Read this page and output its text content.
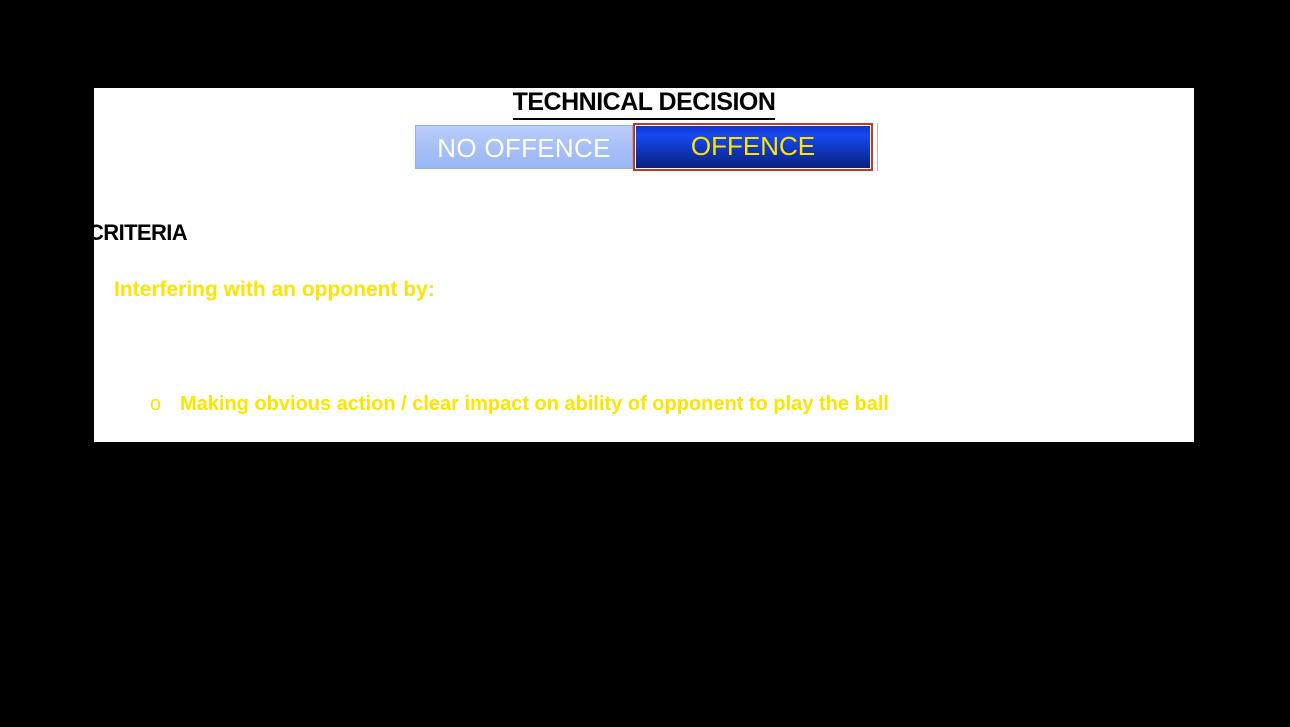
TECHNICAL DECISION
NO OFFENCE	OFFENCE
CRITERIA
Interfering with an opponent by:
o Making obvious action / clear impact on ability of opponent to play the ball
